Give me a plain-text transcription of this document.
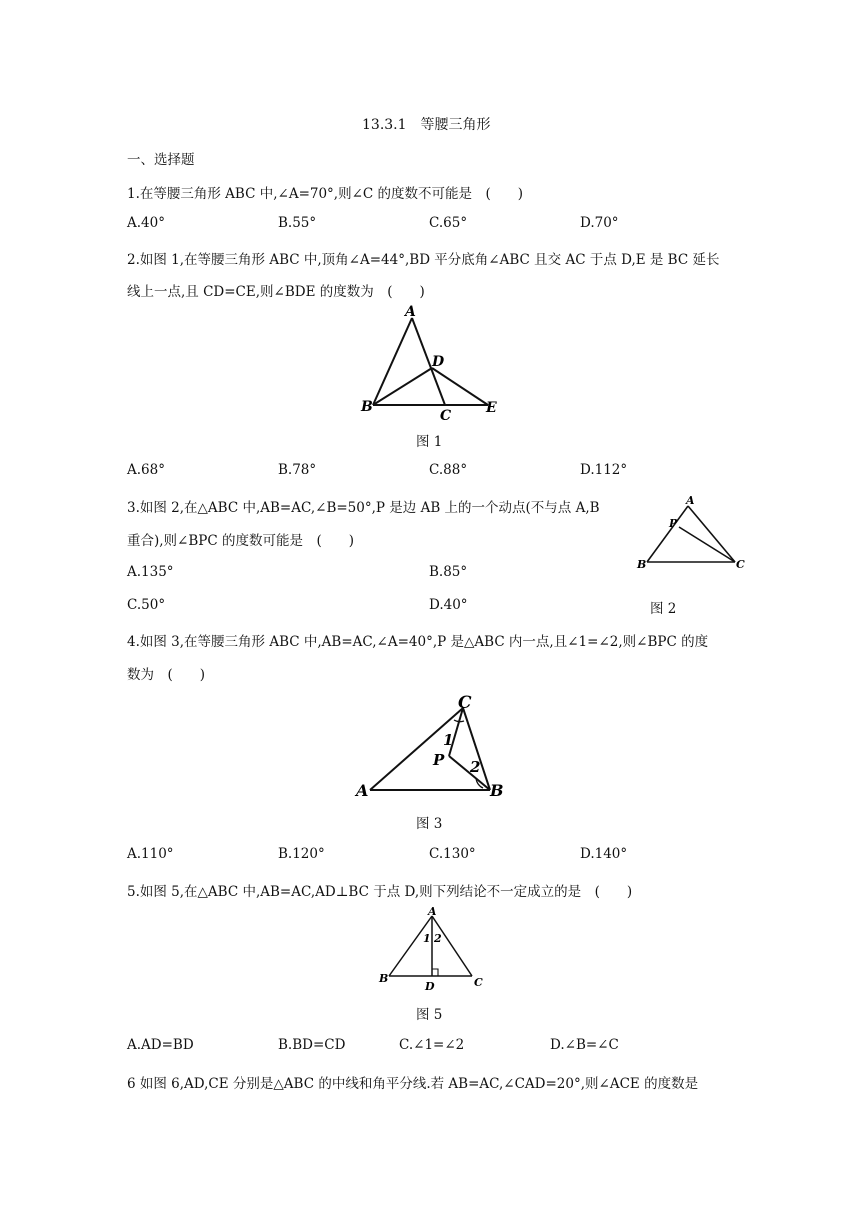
13.3.1　等腰三角形
一、选择题
1.在等腰三角形 ABC 中,∠A=70°,则∠C 的度数不可能是　(　　)
A.40°	B.55°	C.65°	D.70°
2.如图 1,在等腰三角形 ABC 中,顶角∠A=44°,BD 平分底角∠ABC 且交 AC 于点 D,E 是 BC 延长
线上一点,且 CD=CE,则∠BDE 的度数为　(　　)
A
D
B
C E
图 1
A.68°	B.78°	C.88°	D.112°
3.如图 2,在△ABC 中,AB=AC,∠B=50°,P 是边 AB 上的一个动点(不与点 A,B
重合),则∠BPC 的度数可能是　(　　)
A
P
B	C
A.135°	B.85°
C.50°	D.40°	图 2
4.如图 3,在等腰三角形 ABC 中,AB=AC,∠A=40°,P 是△ABC 内一点,且∠1=∠2,则∠BPC 的度
数为　(　　)
C
1
P 2
A	B
图 3
A.110°	B.120°	C.130°	D.140°
5.如图 5,在△ABC 中,AB=AC,AD⊥BC 于点 D,则下列结论不一定成立的是　(　　)
A
1 2
B
D	C
图 5
A.AD=BD	B.BD=CD	C.∠1=∠2	D.∠B=∠C
6 如图 6,AD,CE 分别是△ABC 的中线和角平分线.若 AB=AC,∠CAD=20°,则∠ACE 的度数是
